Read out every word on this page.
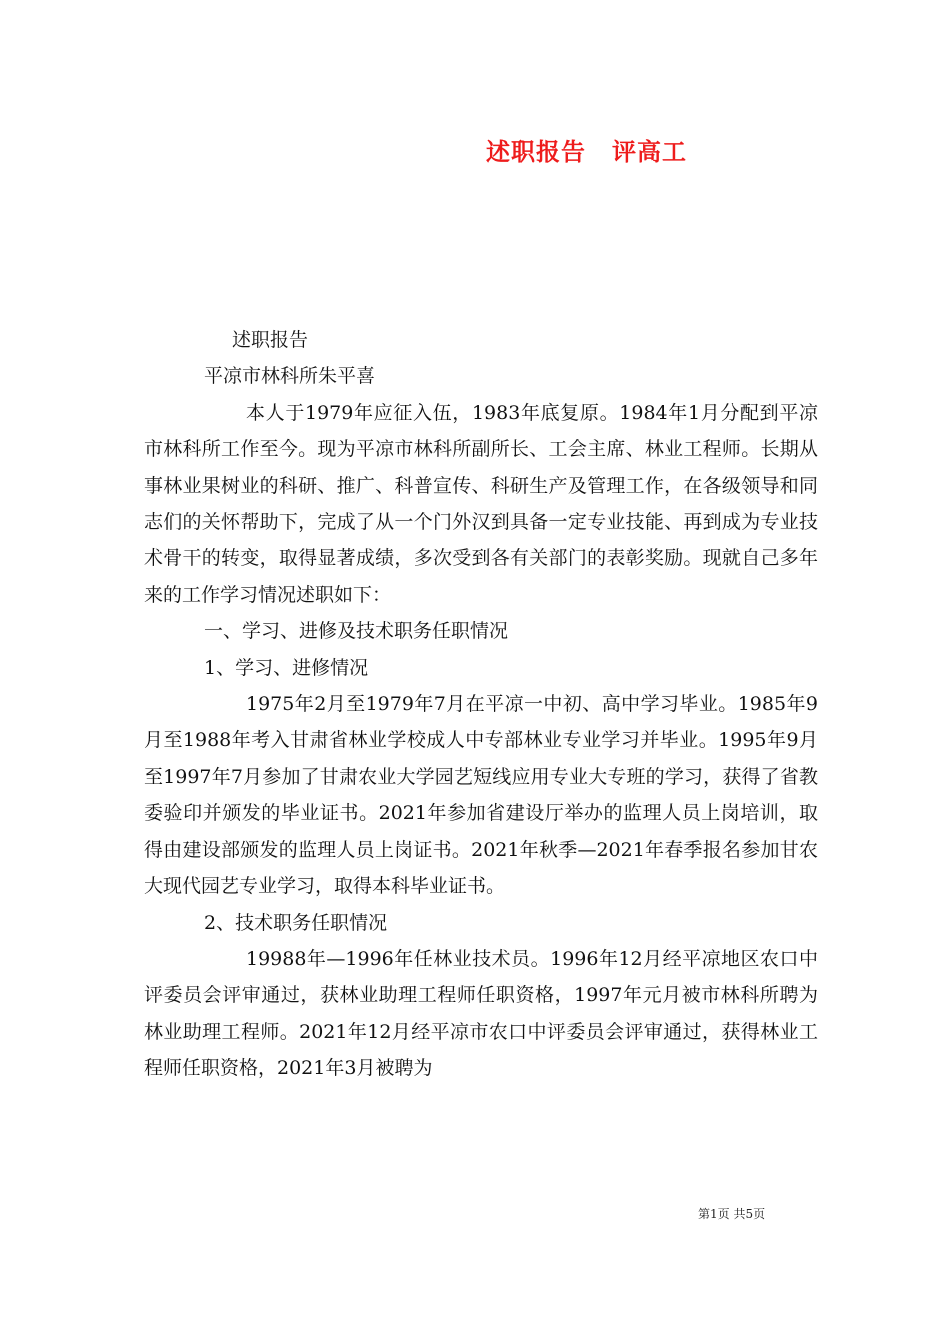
述职报告 评高工

述职报告

平凉市林科所朱平喜

本人于1979年应征入伍，1983年底复原。1984年1月分配到平凉市林科所工作至今。现为平凉市林科所副所长、工会主席、林业工程师。长期从事林业果树业的科研、推广、科普宣传、科研生产及管理工作，在各级领导和同志们的关怀帮助下，完成了从一个门外汉到具备一定专业技能、再到成为专业技术骨干的转变，取得显著成绩，多次受到各有关部门的表彰奖励。现就自己多年来的工作学习情况述职如下：

一、学习、进修及技术职务任职情况

1、学习、进修情况

1975年2月至1979年7月在平凉一中初、高中学习毕业。1985年9月至1988年考入甘肃省林业学校成人中专部林业专业学习并毕业。1995年9月至1997年7月参加了甘肃农业大学园艺短线应用专业大专班的学习，获得了省教委验印并颁发的毕业证书。2021年参加省建设厅举办的监理人员上岗培训，取得由建设部颁发的监理人员上岗证书。2021年秋季—2021年春季报名参加甘农大现代园艺专业学习，取得本科毕业证书。

2、技术职务任职情况

19988年—1996年任林业技术员。1996年12月经平凉地区农口中评委员会评审通过，获林业助理工程师任职资格，1997年元月被市林科所聘为林业助理工程师。2021年12月经平凉市农口中评委员会评审通过，获得林业工程师任职资格，2021年3月被聘为

第1页 共5页
